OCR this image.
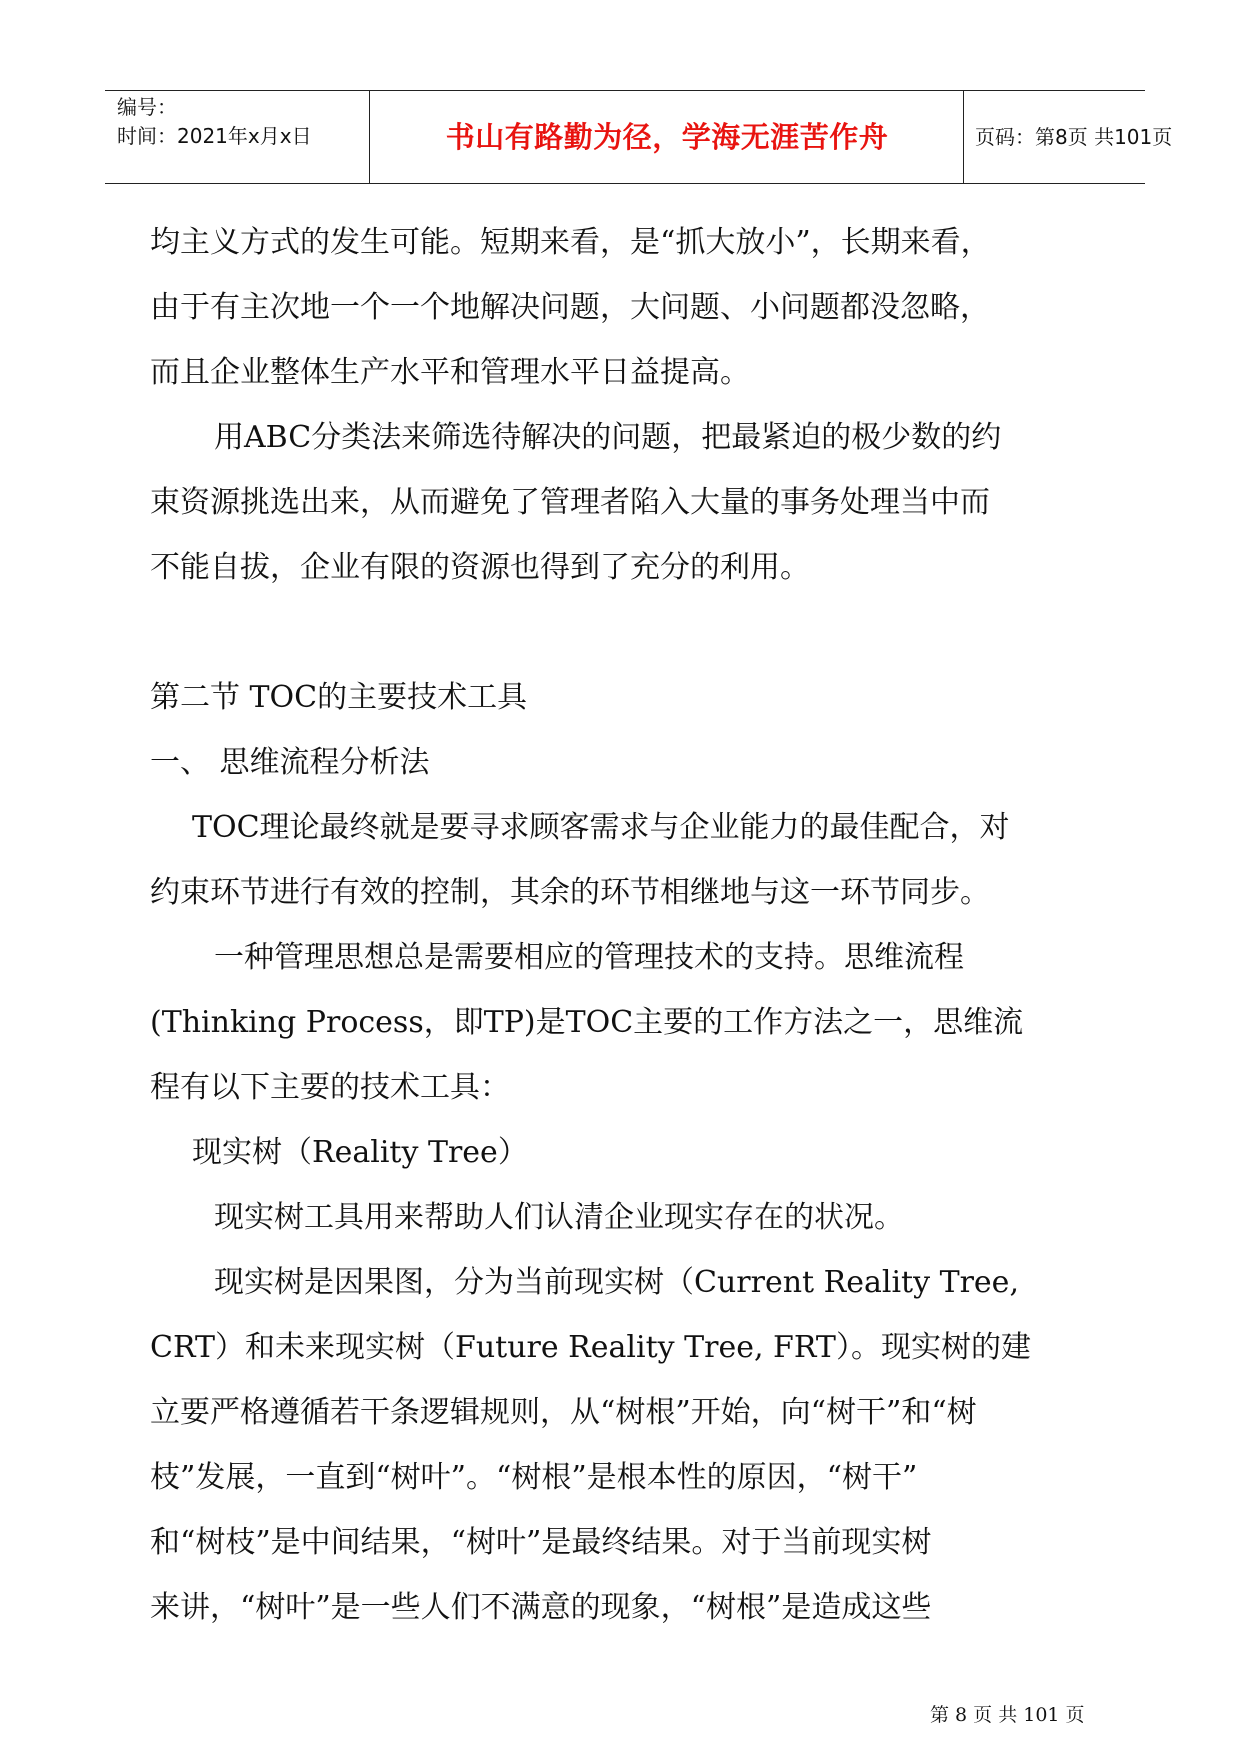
编号：
时间：2021年x月x日	书山有路勤为径，学海无涯苦作舟	页码：第8页 共101页

均主义方式的发生可能。短期来看，是“抓大放小”，长期来看，

由于有主次地一个一个地解决问题，大问题、小问题都没忽略，

而且企业整体生产水平和管理水平日益提高。

用ABC分类法来筛选待解决的问题，把最紧迫的极少数的约

束资源挑选出来，从而避免了管理者陷入大量的事务处理当中而

不能自拔，企业有限的资源也得到了充分的利用。

第二节 TOC的主要技术工具

一、 思维流程分析法

TOC理论最终就是要寻求顾客需求与企业能力的最佳配合，对

约束环节进行有效的控制，其余的环节相继地与这一环节同步。

一种管理思想总是需要相应的管理技术的支持。思维流程

(Thinking Process，即TP)是TOC主要的工作方法之一，思维流

程有以下主要的技术工具：

现实树（Reality Tree）

现实树工具用来帮助人们认清企业现实存在的状况。

现实树是因果图，分为当前现实树（Current Reality Tree,

CRT）和未来现实树（Future Reality Tree, FRT）。现实树的建

立要严格遵循若干条逻辑规则，从“树根”开始，向“树干”和“树

枝”发展，一直到“树叶”。“树根”是根本性的原因，“树干”

和“树枝”是中间结果，“树叶”是最终结果。对于当前现实树

来讲，“树叶”是一些人们不满意的现象，“树根”是造成这些

第 8 页 共 101 页
